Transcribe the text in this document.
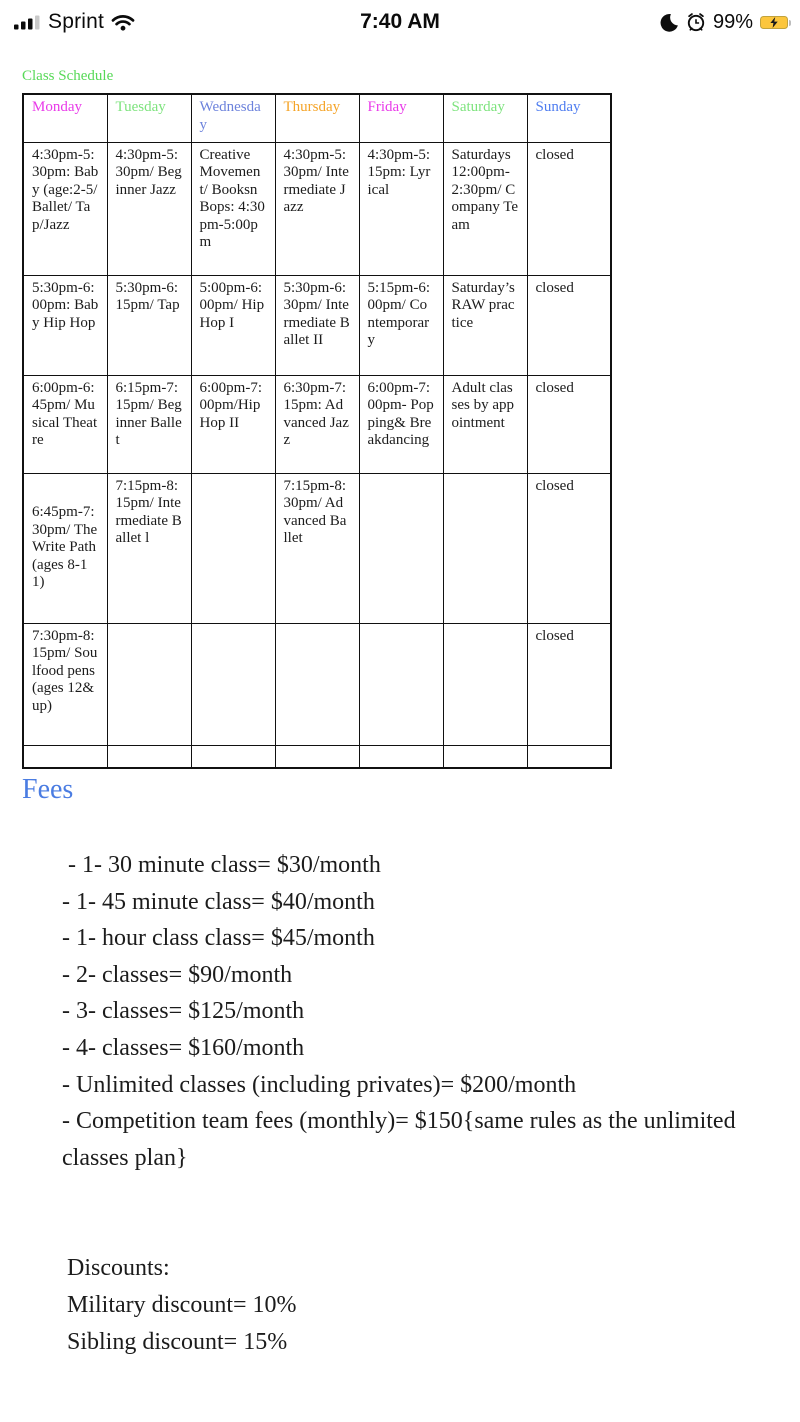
Sprint	7:40 AM	99%
Class Schedule
Monday	Tuesday	Wednesday	Thursday	Friday	Saturday	Sunday
4:30pm-5:30pm: Baby (age:2-5/ Ballet/ Tap/Jazz	4:30pm-5:30pm/ Beginner Jazz	Creative Movement/ BooksnBops: 4:30pm-5:00pm	4:30pm-5:30pm/ Intermediate Jazz	4:30pm-5:15pm: Lyrical	Saturdays 12:00pm-2:30pm/ Company Team	closed
5:30pm-6:00pm: Baby Hip Hop	5:30pm-6:15pm/ Tap	5:00pm-6:00pm/ Hip Hop I	5:30pm-6:30pm/ Intermediate Ballet II	5:15pm-6:00pm/ Contemporary	Saturday’s RAW practice	closed
6:00pm-6:45pm/ Musical Theatre	6:15pm-7:15pm/ Beginner Ballet	6:00pm-7:00pm/Hip Hop II	6:30pm-7:15pm: Advanced Jazz	6:00pm-7:00pm- Popping& Breakdancing	Adult classes by appointment	closed
6:45pm-7:30pm/ The Write Path (ages 8-11)	7:15pm-8:15pm/ Intermediate Ballet l		7:15pm-8:30pm/ Advanced Ballet			closed
7:30pm-8:15pm/ Soulfood pens (ages 12&up)						closed

Fees
- 1- 30 minute class= $30/month
- 1- 45 minute class= $40/month
- 1- hour class class= $45/month
- 2- classes= $90/month
- 3- classes= $125/month
- 4- classes= $160/month
- Unlimited classes (including privates)= $200/month
- Competition team fees (monthly)= $150{same rules as the unlimited classes plan}
Discounts:
Military discount= 10%
Sibling discount= 15%
